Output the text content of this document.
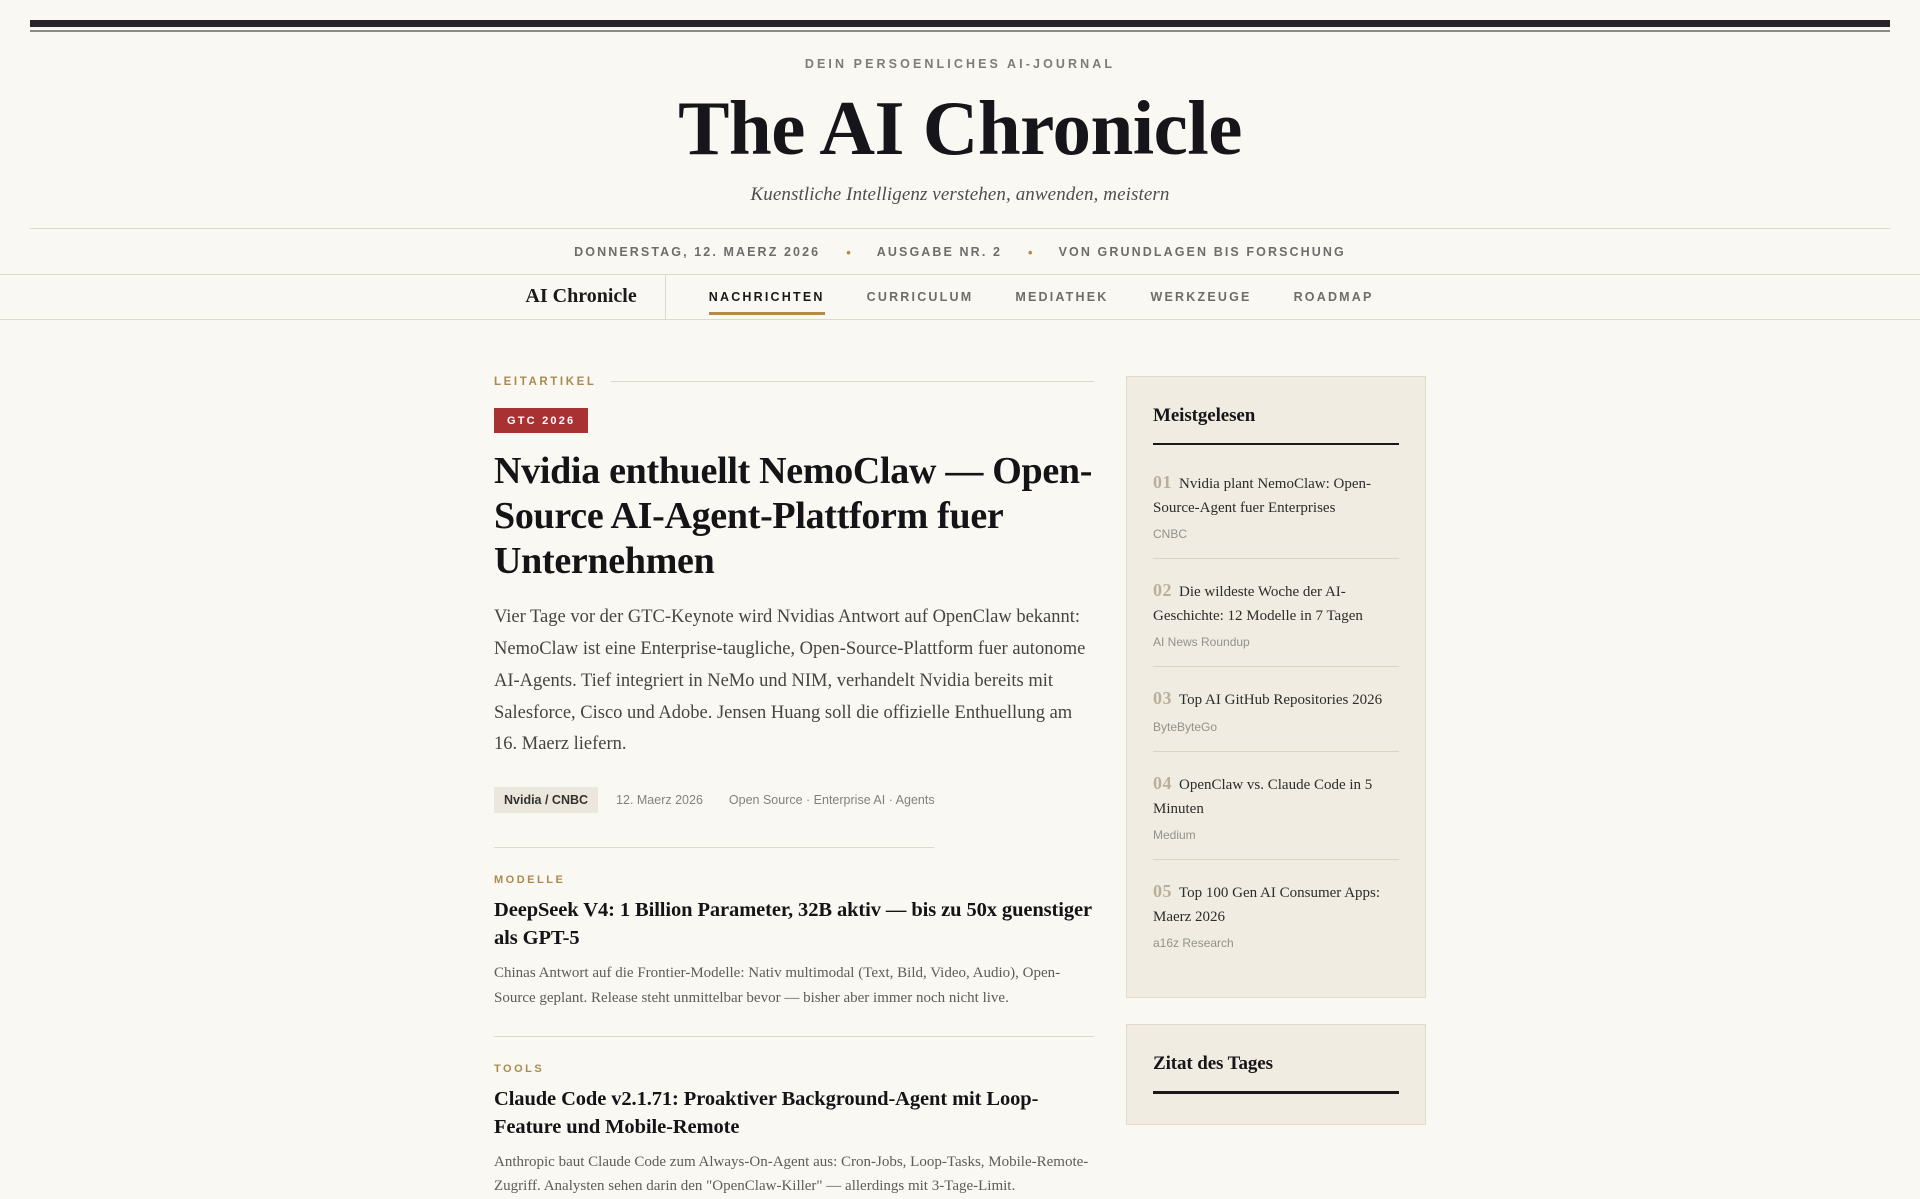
DEIN PERSOENLICHES AI-JOURNAL
The AI Chronicle
Kuenstliche Intelligenz verstehen, anwenden, meistern
DONNERSTAG, 12. MAERZ 2026 • AUSGABE NR. 2 • VON GRUNDLAGEN BIS FORSCHUNG
AI Chronicle	NACHRICHTEN	CURRICULUM	MEDIATHEK	WERKZEUGE	ROADMAP
LEITARTIKEL
GTC 2026
Nvidia enthuellt NemoClaw — Open-Source AI-Agent-Plattform fuer Unternehmen

Vier Tage vor der GTC-Keynote wird Nvidias Antwort auf OpenClaw bekannt: NemoClaw ist eine Enterprise-taugliche, Open-Source-Plattform fuer autonome AI-Agents. Tief integriert in NeMo und NIM, verhandelt Nvidia bereits mit Salesforce, Cisco und Adobe. Jensen Huang soll die offizielle Enthuellung am 16. Maerz liefern.

Nvidia / CNBC	12. Maerz 2026 Open Source · Enterprise AI · Agents
MODELLE
DeepSeek V4: 1 Billion Parameter, 32B aktiv — bis zu 50x guenstiger als GPT-5

Chinas Antwort auf die Frontier-Modelle: Nativ multimodal (Text, Bild, Video, Audio), Open-Source geplant. Release steht unmittelbar bevor — bisher aber immer noch nicht live.

TOOLS
Claude Code v2.1.71: Proaktiver Background-Agent mit Loop-Feature und Mobile-Remote

Anthropic baut Claude Code zum Always-On-Agent aus: Cron-Jobs, Loop-Tasks, Mobile-Remote-Zugriff. Analysten sehen darin den "OpenClaw-Killer" — allerdings mit 3-Tage-Limit.

Meistgelesen
01 Nvidia plant NemoClaw: Open-Source-Agent fuer Enterprises
CNBC
02 Die wildeste Woche der AI-Geschichte: 12 Modelle in 7 Tagen
AI News Roundup
03 Top AI GitHub Repositories 2026
ByteByteGo
04 OpenClaw vs. Claude Code in 5 Minuten
Medium
05 Top 100 Gen AI Consumer Apps: Maerz 2026
a16z Research
Zitat des Tages
